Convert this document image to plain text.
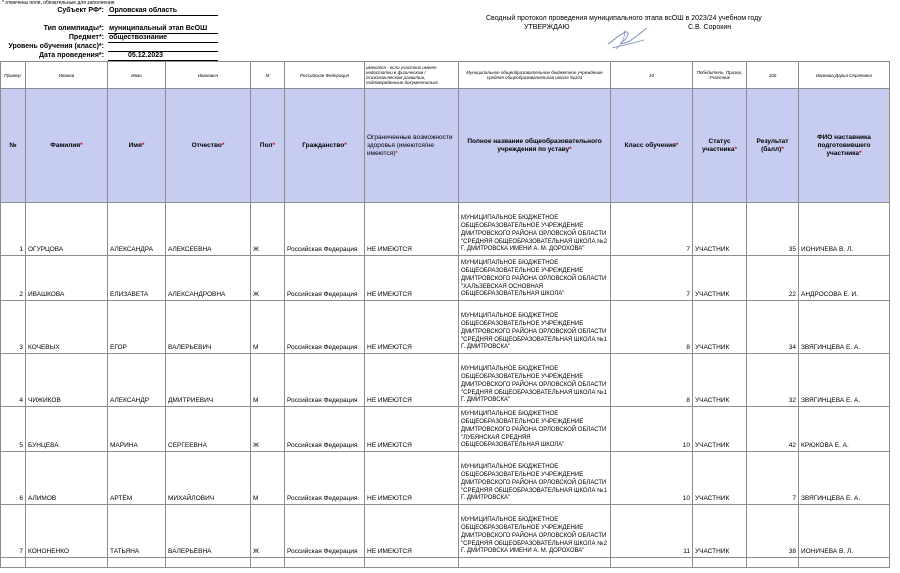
* отмечены поля, обязательные для заполнения
Субъект РФ*: Орловская область
Тип олимпиады*: муниципальный этап ВсОШ
Предмет*: обществознание
Уровень обучения (класс)*:
Дата проведения*:	05.12.2023
Сводный протокол проведения муниципального этапа всОШ в 2023/24 учебном году
УТВЕРЖДАЮ	С.В. Сорокин
Пример:	Иванов	Иван	Иванович	М	Российская Федерация	имеются - если участник имеет недостатки в физическом /психологическом развитии, подтвержденные документально	Муниципальное общеобразовательное бюджетное учреждение средняя общеобразовательная школа №103	10	Победитель, Призер, Участник	100	Иванова Дарья Сергеевна
№	Фамилия*	Имя*	Отчество*	Пол*	Гражданство*	Ограниченные возможности здоровья (имеются/не имеются)*	Полное название общеобразовательного учреждения по уставу*	Класс обучения*	Статус участника*	Результат (балл)*	ФИО наставника подготовившего участника*
1	ОГУРЦОВА	АЛЕКСАНДРА	АЛЕКСЕЕВНА	Ж	Российская Федерация	НЕ ИМЕЮТСЯ	МУНИЦИПАЛЬНОЕ БЮДЖЕТНОЕ ОБЩЕОБРАЗОВАТЕЛЬНОЕ УЧРЕЖДЕНИЕ ДМИТРОВСКОГО РАЙОНА ОРЛОВСКОЙ ОБЛАСТИ "СРЕДНЯЯ ОБЩЕОБРАЗОВАТЕЛЬНАЯ ШКОЛА №2 Г. ДМИТРОВСКА ИМЕНИ А. М. ДОРОХОВА"	7	УЧАСТНИК	35	ИОНИЧЕВА В. Л.
2	ИВАШКОВА	ЕЛИЗАВЕТА	АЛЕКСАНДРОВНА	Ж	Российская Федерация	НЕ ИМЕЮТСЯ	МУНИЦИПАЛЬНОЕ БЮДЖЕТНОЕ ОБЩЕОБРАЗОВАТЕЛЬНОЕ УЧРЕЖДЕНИЕ ДМИТРОВСКОГО РАЙОНА ОРЛОВСКОЙ ОБЛАСТИ "ХАЛЬЗЕВСКАЯ ОСНОВНАЯ ОБЩЕОБРАЗОВАТЕЛЬНАЯ ШКОЛА"	7	УЧАСТНИК	22	АНДРОСОВА Е. И.
3	КОЧЕВЫХ	ЕГОР	ВАЛЕРЬЕВИЧ	М	Российская Федерация	НЕ ИМЕЮТСЯ	МУНИЦИПАЛЬНОЕ БЮДЖЕТНОЕ ОБЩЕОБРАЗОВАТЕЛЬНОЕ УЧРЕЖДЕНИЕ ДМИТРОВСКОГО РАЙОНА ОРЛОВСКОЙ ОБЛАСТИ "СРЕДНЯЯ ОБЩЕОБРАЗОВАТЕЛЬНАЯ ШКОЛА №1 Г. ДМИТРОВСКА"	8	УЧАСТНИК	34	ЗВЯГИНЦЕВА Е. А.
4	ЧИЖИКОВ	АЛЕКСАНДР	ДМИТРИЕВИЧ	М	Российская Федерация	НЕ ИМЕЮТСЯ	МУНИЦИПАЛЬНОЕ БЮДЖЕТНОЕ ОБЩЕОБРАЗОВАТЕЛЬНОЕ УЧРЕЖДЕНИЕ ДМИТРОВСКОГО РАЙОНА ОРЛОВСКОЙ ОБЛАСТИ "СРЕДНЯЯ ОБЩЕОБРАЗОВАТЕЛЬНАЯ ШКОЛА №1 Г. ДМИТРОВСКА"	8	УЧАСТНИК	32	ЗВЯГИНЦЕВА Е. А.
5	БУНЦЕВА	МАРИНА	СЕРГЕЕВНА	Ж	Российская Федерация	НЕ ИМЕЮТСЯ	МУНИЦИПАЛЬНОЕ БЮДЖЕТНОЕ ОБЩЕОБРАЗОВАТЕЛЬНОЕ УЧРЕЖДЕНИЕ ДМИТРОВСКОГО РАЙОНА ОРЛОВСКОЙ ОБЛАСТИ "ЛУБЯНСКАЯ СРЕДНЯЯ ОБЩЕОБРАЗОВАТЕЛЬНАЯ ШКОЛА"	10	УЧАСТНИК	42	КРЮКОВА Е. А.
6	АЛИМОВ	АРТЁМ	МИХАЙЛОВИЧ	М	Российская Федерация	НЕ ИМЕЮТСЯ	МУНИЦИПАЛЬНОЕ БЮДЖЕТНОЕ ОБЩЕОБРАЗОВАТЕЛЬНОЕ УЧРЕЖДЕНИЕ ДМИТРОВСКОГО РАЙОНА ОРЛОВСКОЙ ОБЛАСТИ "СРЕДНЯЯ ОБЩЕОБРАЗОВАТЕЛЬНАЯ ШКОЛА №1 Г. ДМИТРОВСКА"	10	УЧАСТНИК	7	ЗВЯГИНЦЕВА Е. А.
7	КОНОНЕНКО	ТАТЬЯНА	ВАЛЕРЬЕВНА	Ж	Российская Федерация	НЕ ИМЕЮТСЯ	МУНИЦИПАЛЬНОЕ БЮДЖЕТНОЕ ОБЩЕОБРАЗОВАТЕЛЬНОЕ УЧРЕЖДЕНИЕ ДМИТРОВСКОГО РАЙОНА ОРЛОВСКОЙ ОБЛАСТИ "СРЕДНЯЯ ОБЩЕОБРАЗОВАТЕЛЬНАЯ ШКОЛА №2 Г. ДМИТРОВСКА ИМЕНИ А. М. ДОРОХОВА"	11	УЧАСТНИК	38	ИОНИЧЕВА В. Л.
